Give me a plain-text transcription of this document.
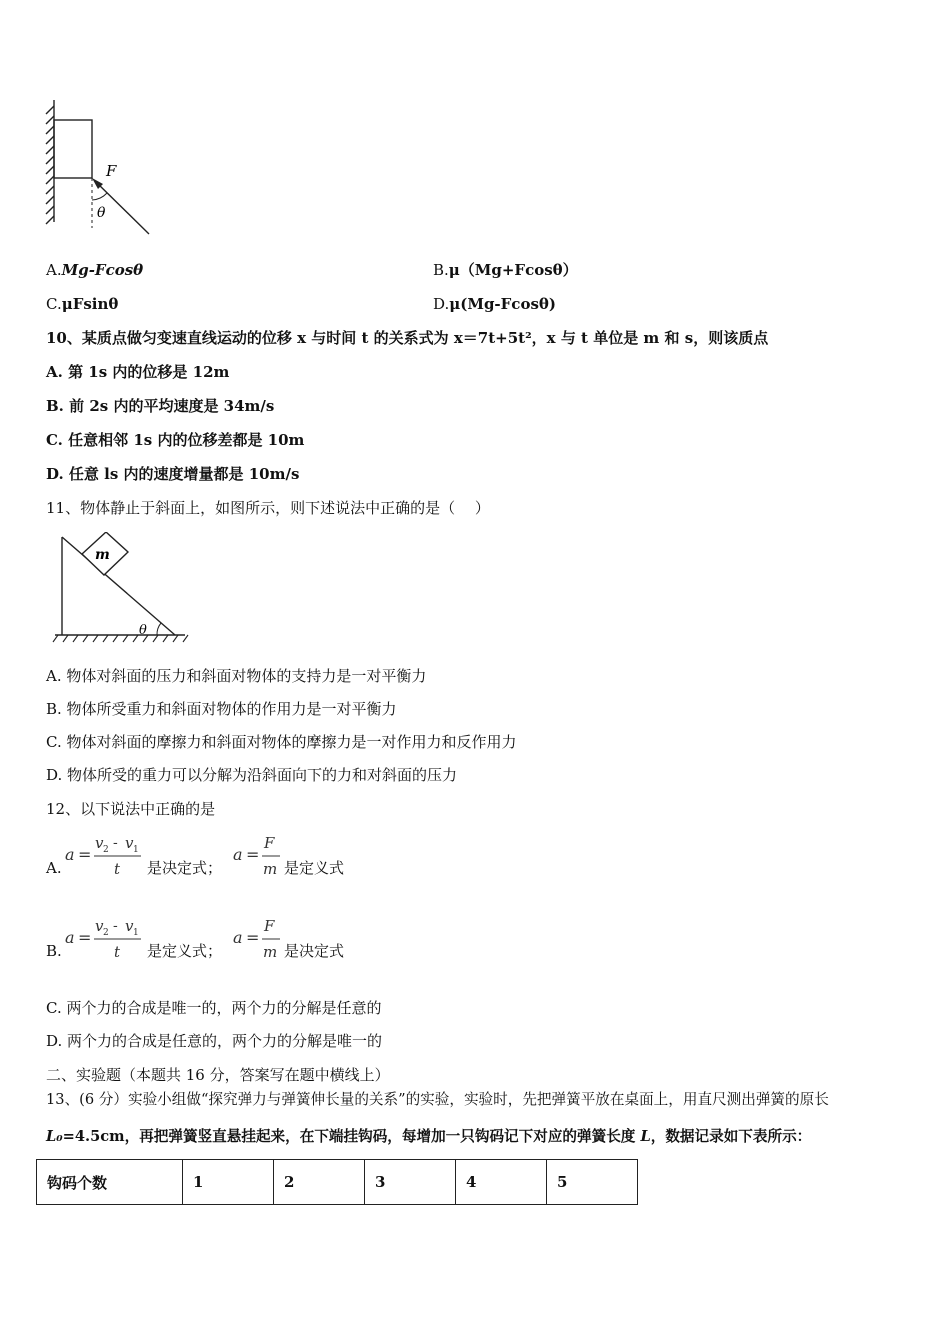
F
θ
A.Mg-Fcosθ	B.μ（Mg+Fcosθ）
C.μFsinθ	D.μ(Mg-Fcosθ)
10、某质点做匀变速直线运动的位移 x 与时间 t 的关系式为 x＝7t+5t²，x 与 t 单位是 m 和 s，则该质点
A. 第 1s 内的位移是 12m
B. 前 2s 内的平均速度是 34m/s
C. 任意相邻 1s 内的位移差都是 10m
D. 任意 ls 内的速度增量都是 10m/s
11、物体静止于斜面上，如图所示，则下述说法中正确的是（　 ）
m
θ
A. 物体对斜面的压力和斜面对物体的支持力是一对平衡力
B. 物体所受重力和斜面对物体的作用力是一对平衡力
C. 物体对斜面的摩擦力和斜面对物体的摩擦力是一对作用力和反作用力
D. 物体所受的重力可以分解为沿斜面向下的力和对斜面的压力
12、以下说法中正确的是
A.
a =
v 2 - v 1
t 是决定式；
a =
F
m 是定义式
B.
a =
v 2 - v 1
t 是定义式；
a =
F
m 是决定式
C. 两个力的合成是唯一的，两个力的分解是任意的
D. 两个力的合成是任意的，两个力的分解是唯一的
二、实验题（本题共 16 分，答案写在题中横线上）
13、(6 分）实验小组做“探究弹力与弹簧伸长量的关系”的实验，实验时，先把弹簧平放在桌面上，用直尺测出弹簧的原长
L₀=4.5cm，再把弹簧竖直悬挂起来，在下端挂钩码，每增加一只钩码记下对应的弹簧长度 L，数据记录如下表所示：
钩码个数	1	2	3	4	5
